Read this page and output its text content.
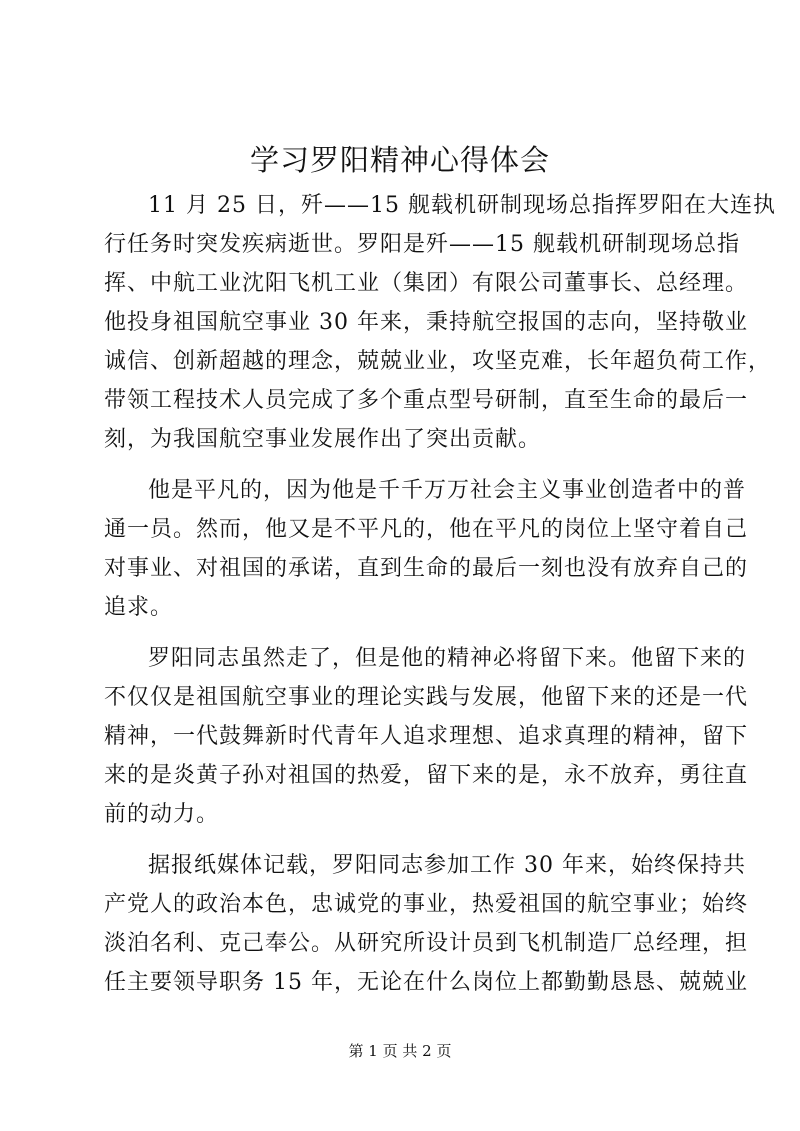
学习罗阳精神心得体会
11 月 25 日，歼——15 舰载机研制现场总指挥罗阳在大连执
行任务时突发疾病逝世。罗阳是歼——15 舰载机研制现场总指
挥、中航工业沈阳飞机工业（集团）有限公司董事长、总经理。
他投身祖国航空事业 30 年来，秉持航空报国的志向，坚持敬业
诚信、创新超越的理念，兢兢业业，攻坚克难，长年超负荷工作，
带领工程技术人员完成了多个重点型号研制，直至生命的最后一
刻，为我国航空事业发展作出了突出贡献。
他是平凡的，因为他是千千万万社会主义事业创造者中的普
通一员。然而，他又是不平凡的，他在平凡的岗位上坚守着自己
对事业、对祖国的承诺，直到生命的最后一刻也没有放弃自己的
追求。
罗阳同志虽然走了，但是他的精神必将留下来。他留下来的
不仅仅是祖国航空事业的理论实践与发展，他留下来的还是一代
精神，一代鼓舞新时代青年人追求理想、追求真理的精神，留下
来的是炎黄子孙对祖国的热爱，留下来的是，永不放弃，勇往直
前的动力。
据报纸媒体记载，罗阳同志参加工作 30 年来，始终保持共
产党人的政治本色，忠诚党的事业，热爱祖国的航空事业；始终
淡泊名利、克己奉公。从研究所设计员到飞机制造厂总经理，担
任主要领导职务 15 年，无论在什么岗位上都勤勤恳恳、兢兢业
第 1 页 共 2 页
